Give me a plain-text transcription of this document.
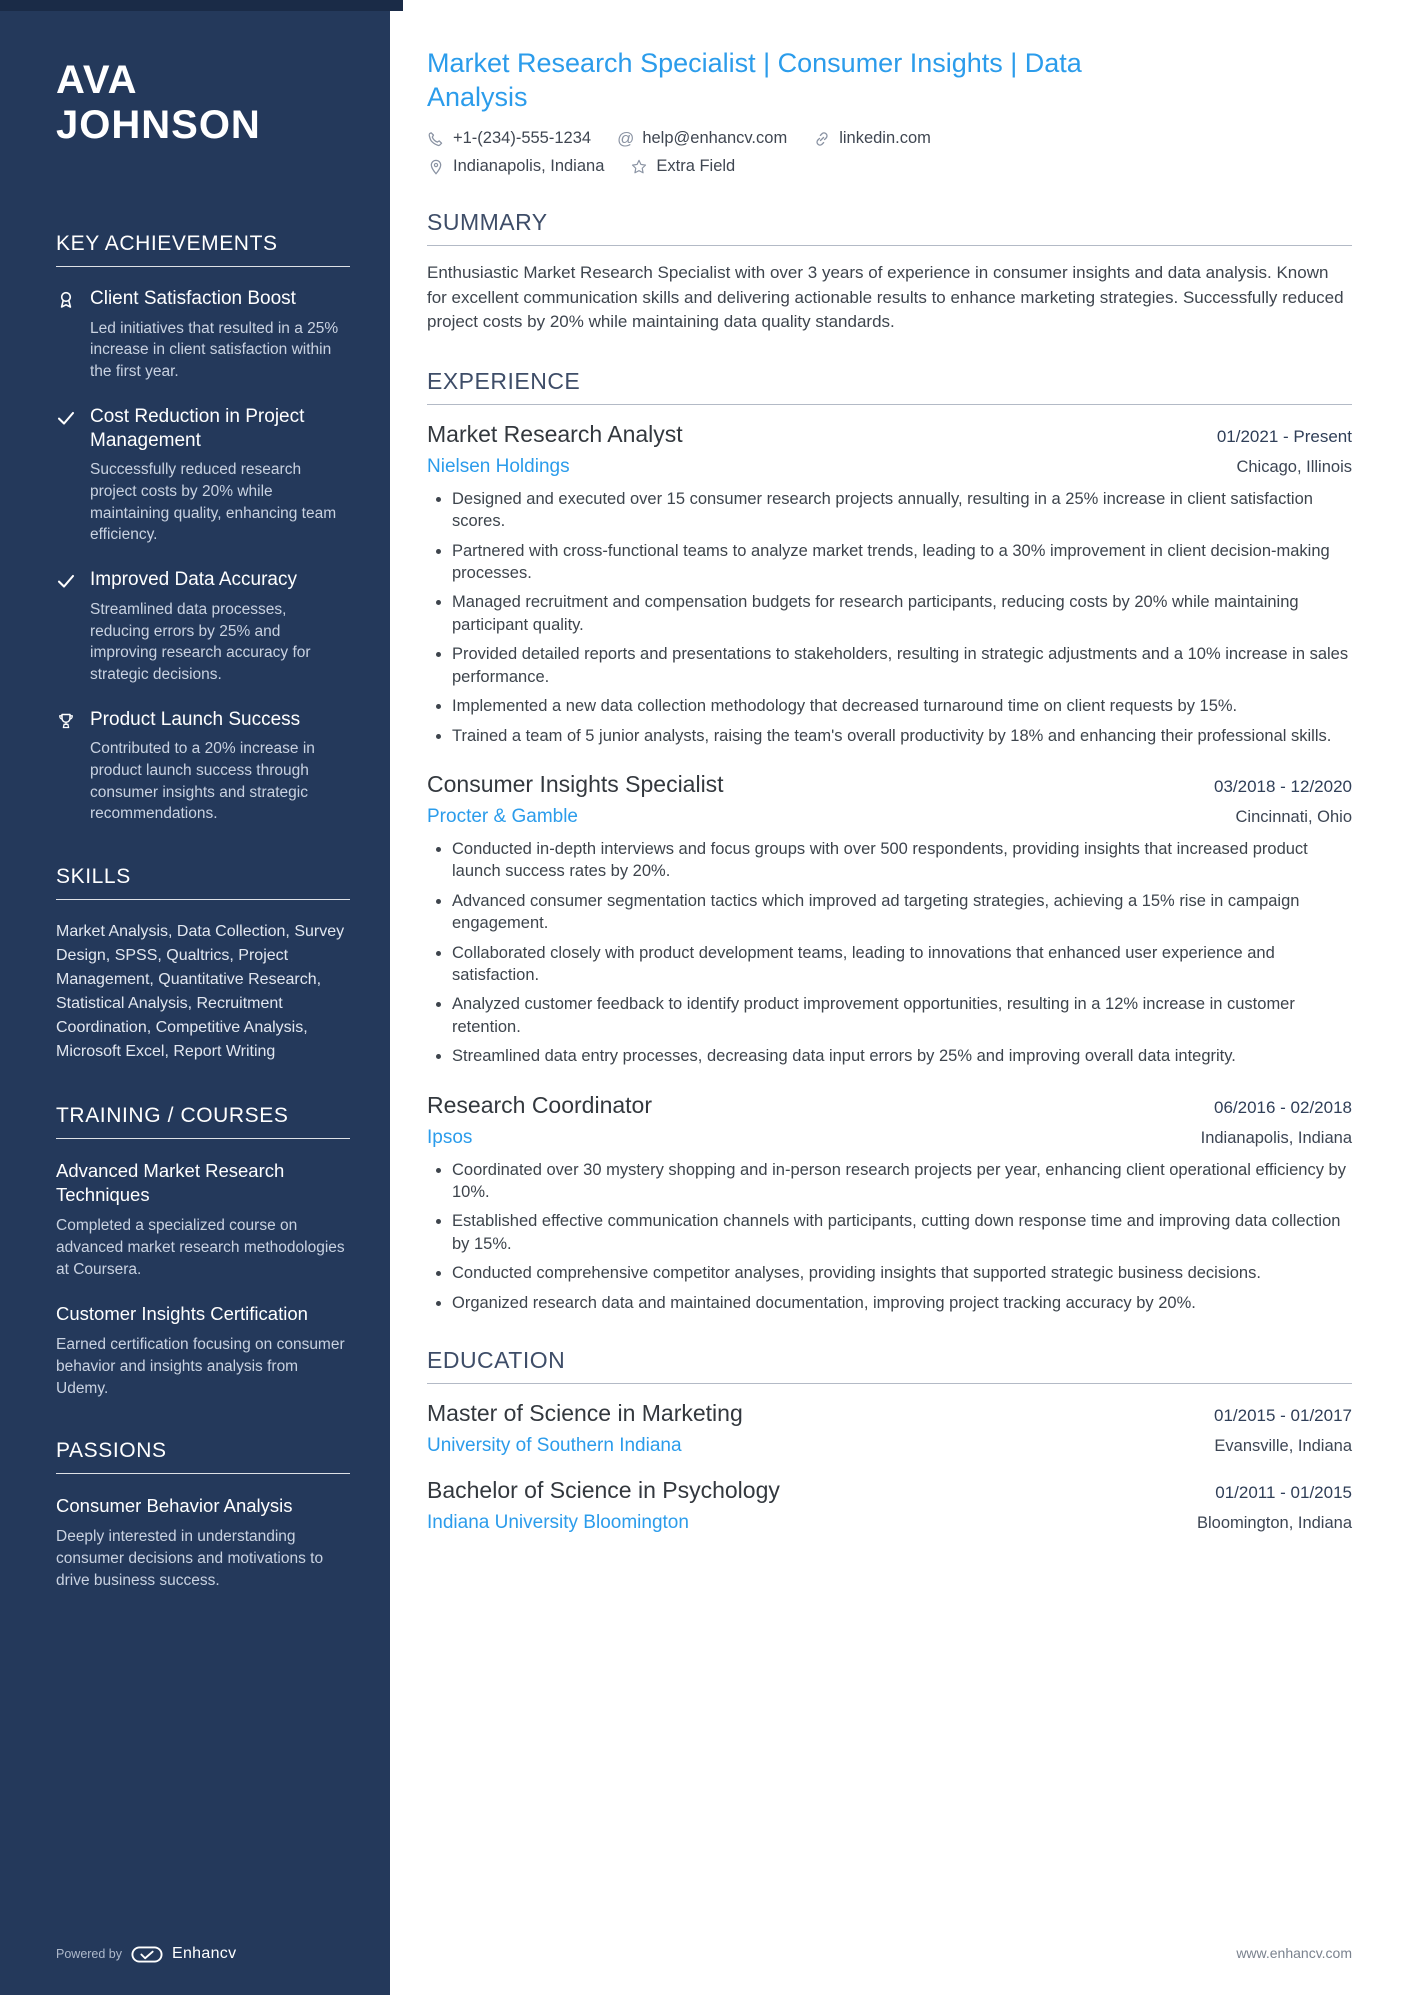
AVA JOHNSON
KEY ACHIEVEMENTS
Client Satisfaction Boost

Led initiatives that resulted in a 25% increase in client satisfaction within the first year.

Cost Reduction in Project Management

Successfully reduced research project costs by 20% while maintaining quality, enhancing team efficiency.

Improved Data Accuracy

Streamlined data processes, reducing errors by 25% and improving research accuracy for strategic decisions.

Product Launch Success

Contributed to a 20% increase in product launch success through consumer insights and strategic recommendations.

SKILLS

Market Analysis, Data Collection, Survey Design, SPSS, Qualtrics, Project Management, Quantitative Research, Statistical Analysis, Recruitment Coordination, Competitive Analysis, Microsoft Excel, Report Writing

TRAINING / COURSES
Advanced Market Research Techniques

Completed a specialized course on advanced market research methodologies at Coursera.

Customer Insights Certification

Earned certification focusing on consumer behavior and insights analysis from Udemy.

PASSIONS
Consumer Behavior Analysis

Deeply interested in understanding consumer decisions and motivations to drive business success.

Powered by	Enhancv
Market Research Specialist | Consumer Insights | Data Analysis
+1-(234)-555-1234 @ help@enhancv.com	linkedin.com
Indianapolis, Indiana	Extra Field
SUMMARY

Enthusiastic Market Research Specialist with over 3 years of experience in consumer insights and data analysis. Known for excellent communication skills and delivering actionable results to enhance marketing strategies. Successfully reduced project costs by 20% while maintaining data quality standards.

EXPERIENCE
Market Research Analyst	01/2021 - Present
Nielsen Holdings	Chicago, Illinois
• Designed and executed over 15 consumer research projects annually, resulting in a 25% increase in client satisfaction scores.
• Partnered with cross-functional teams to analyze market trends, leading to a 30% improvement in client decision-making processes.
• Managed recruitment and compensation budgets for research participants, reducing costs by 20% while maintaining participant quality.
• Provided detailed reports and presentations to stakeholders, resulting in strategic adjustments and a 10% increase in sales performance.
• Implemented a new data collection methodology that decreased turnaround time on client requests by 15%.
• Trained a team of 5 junior analysts, raising the team's overall productivity by 18% and enhancing their professional skills.
Consumer Insights Specialist	03/2018 - 12/2020
Procter & Gamble	Cincinnati, Ohio
• Conducted in-depth interviews and focus groups with over 500 respondents, providing insights that increased product launch success rates by 20%.
• Advanced consumer segmentation tactics which improved ad targeting strategies, achieving a 15% rise in campaign engagement.
• Collaborated closely with product development teams, leading to innovations that enhanced user experience and satisfaction.
• Analyzed customer feedback to identify product improvement opportunities, resulting in a 12% increase in customer retention.
• Streamlined data entry processes, decreasing data input errors by 25% and improving overall data integrity.
Research Coordinator	06/2016 - 02/2018
Ipsos	Indianapolis, Indiana
• Coordinated over 30 mystery shopping and in-person research projects per year, enhancing client operational efficiency by 10%.
• Established effective communication channels with participants, cutting down response time and improving data collection by 15%.
• Conducted comprehensive competitor analyses, providing insights that supported strategic business decisions.
• Organized research data and maintained documentation, improving project tracking accuracy by 20%.
EDUCATION
Master of Science in Marketing	01/2015 - 01/2017
University of Southern Indiana	Evansville, Indiana
Bachelor of Science in Psychology	01/2011 - 01/2015
Indiana University Bloomington	Bloomington, Indiana
www.enhancv.com
